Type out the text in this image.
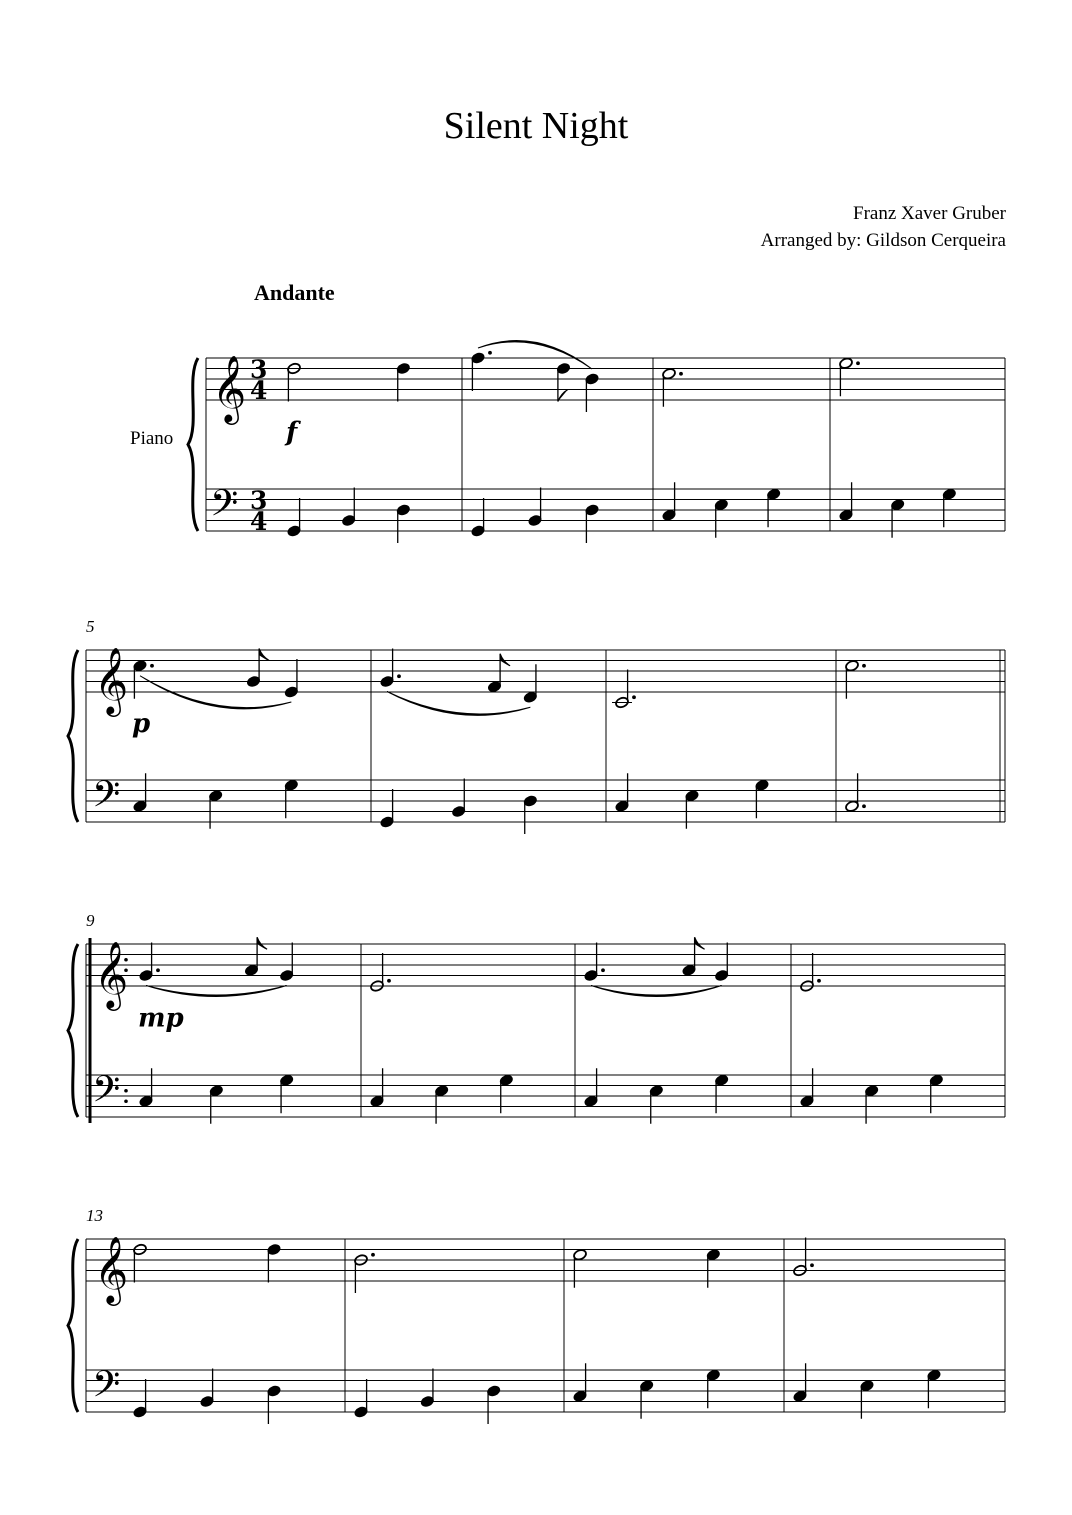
Silent Night
Franz Xaver Gruber
Arranged by: Gildson Cerqueira
Andante
Piano
𝄞
𝄢
3
4
3
4
f
𝄞
𝄢
5
p
𝄞
𝄢
9
mp
𝄞
𝄢
13
